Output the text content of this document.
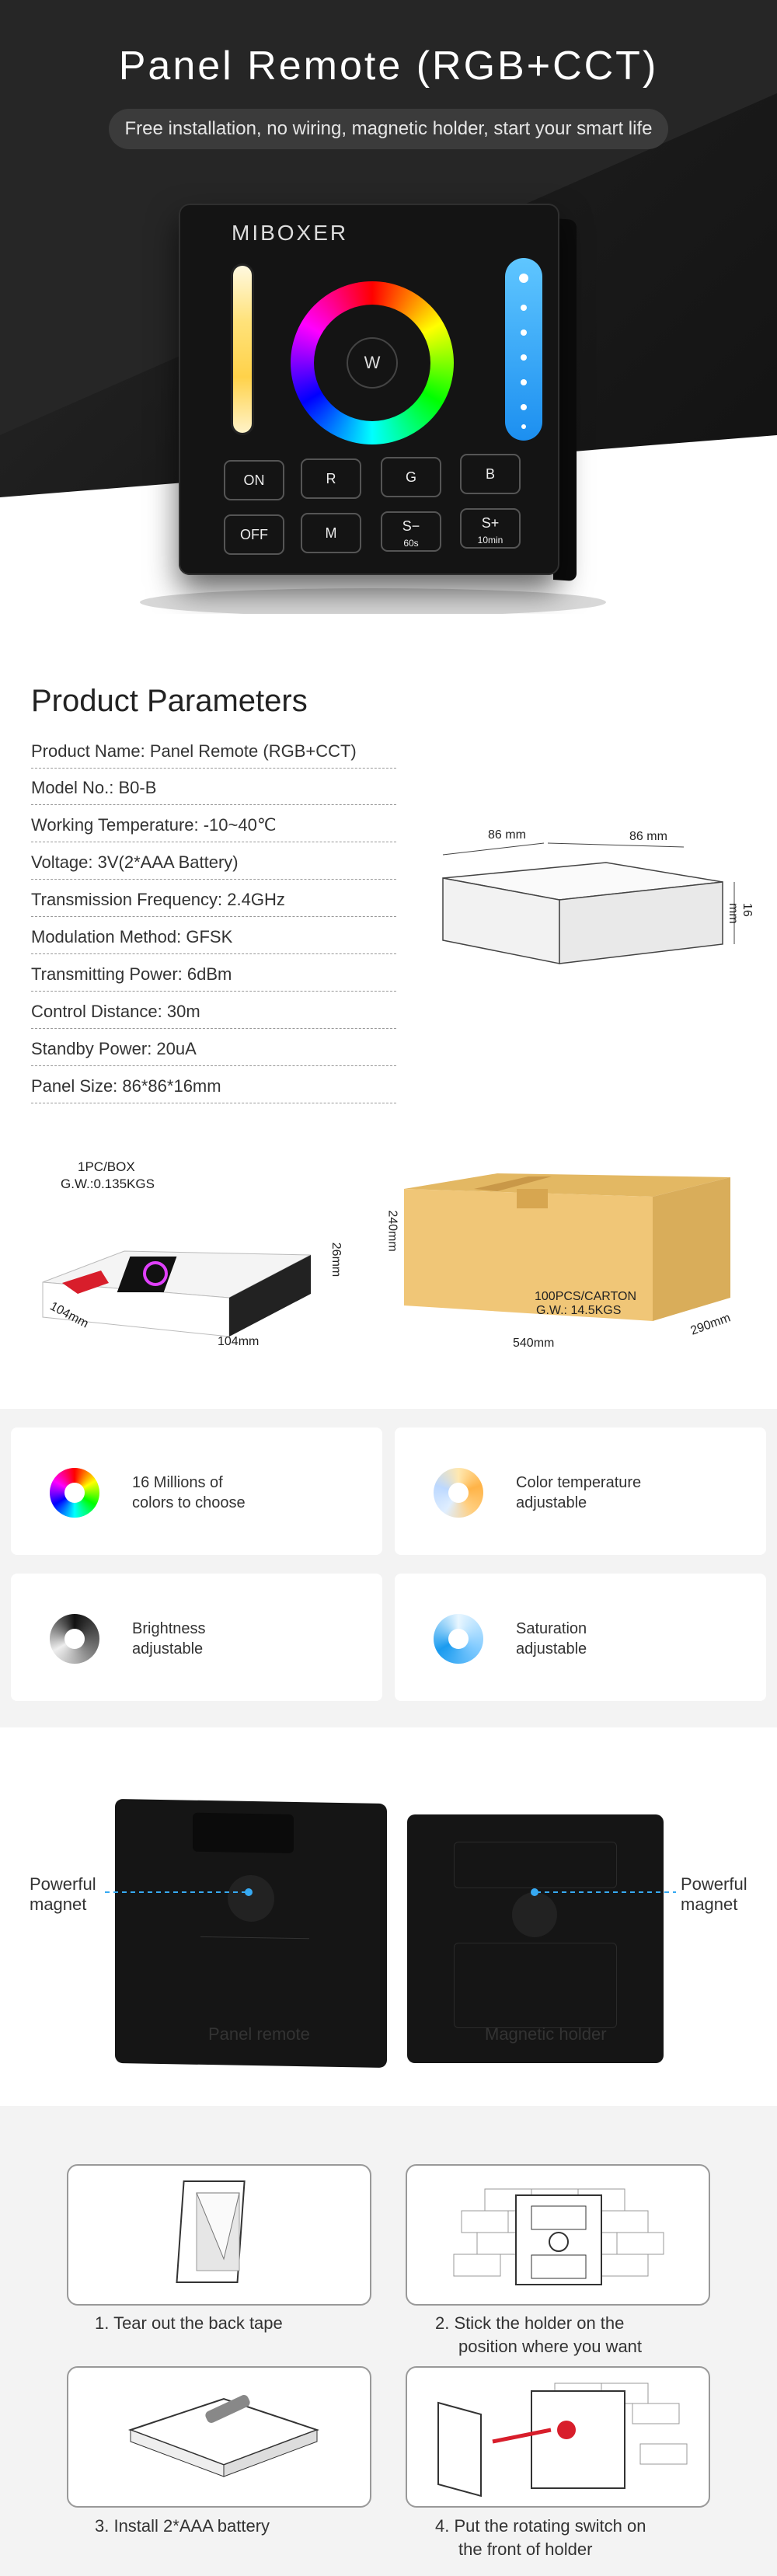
Panel Remote (RGB+CCT)
Free installation, no wiring, magnetic holder, start your smart life
MIBOXER
W
ON	R	G	B
OFF	M	S−
60s
S+
10min
Product Parameters
Product Name: Panel Remote (RGB+CCT)
Model No.: B0-B
Working Temperature: -10~40℃
Voltage: 3V(2*AAA Battery)
Transmission Frequency: 2.4GHz
Modulation Method: GFSK
Transmitting Power: 6dBm
Control Distance: 30m
Standby Power: 20uA
Panel Size: 86*86*16mm
86 mm	86 mm
16 mm
1PC/BOX
G.W.:0.135KGS
104mm
104mm
26mm
100PCS/CARTON
G.W.: 14.5KGS
540mm
290mm
240mm
16 Millions of
colors to choose
Color temperature
adjustable
Brightness
adjustable
Saturation
adjustable
Powerful
magnet
Powerful
magnet
Panel remote	Magnetic holder
1. Tear out the back tape	2. Stick the holder on the
position where you want
3. Install 2*AAA battery	4. Put the rotating switch on
the front of holder
